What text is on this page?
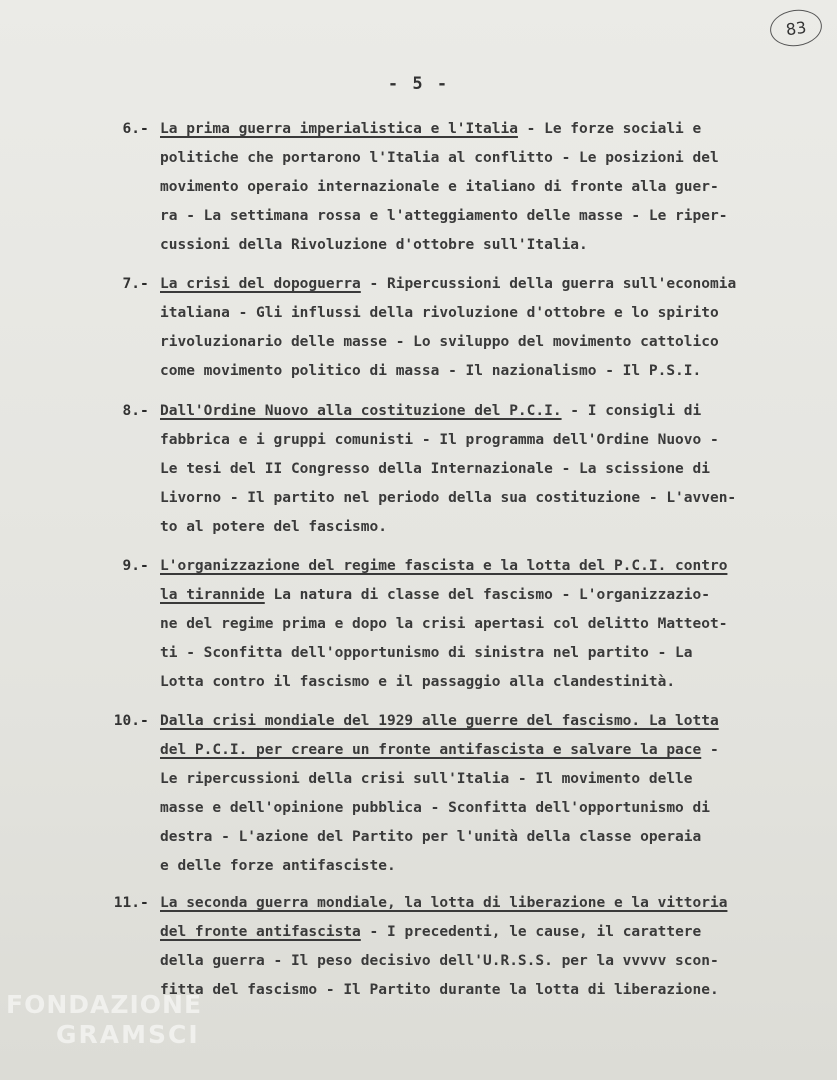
83
- 5 -
6. - La prima guerra imperialistica e l'Italia - Le forze sociali e
politiche che portarono l'Italia al conflitto - Le posizioni del
movimento operaio internazionale e italiano di fronte alla guer-
ra - La settimana rossa e l'atteggiamento delle masse - Le riper-
cussioni della Rivoluzione d'ottobre sull'Italia.
7. - La crisi del dopoguerra - Ripercussioni della guerra sull'economia
italiana - Gli influssi della rivoluzione d'ottobre e lo spirito
rivoluzionario delle masse - Lo sviluppo del movimento cattolico
come movimento politico di massa - Il nazionalismo - Il P.S.I.
8. - Dall'Ordine Nuovo alla costituzione del P.C.I. - I consigli di
fabbrica e i gruppi comunisti - Il programma dell'Ordine Nuovo -
Le tesi del II Congresso della Internazionale - La scissione di
Livorno - Il partito nel periodo della sua costituzione - L'avven-
to al potere del fascismo.
9. - L'organizzazione del regime fascista e la lotta del P.C.I. contro
la tirannide La natura di classe del fascismo - L'organizzazio-
ne del regime prima e dopo la crisi apertasi col delitto Matteot-
ti - Sconfitta dell'opportunismo di sinistra nel partito - La
Lotta contro il fascismo e il passaggio alla clandestinità.
10. - Dalla crisi mondiale del 1929 alle guerre del fascismo. La lotta
del P.C.I. per creare un fronte antifascista e salvare la pace -
Le ripercussioni della crisi sull'Italia - Il movimento delle
masse e dell'opinione pubblica - Sconfitta dell'opportunismo di
destra - L'azione del Partito per l'unità della classe operaia
e delle forze antifasciste.
11. - La seconda guerra mondiale, la lotta di liberazione e la vittoria
del fronte antifascista - I precedenti, le cause, il carattere
della guerra - Il peso decisivo dell'U.R.S.S. per la vvvvv scon-
fitta del fascismo - Il Partito durante la lotta di liberazione.
FONDAZIONE
GRAMSCI
